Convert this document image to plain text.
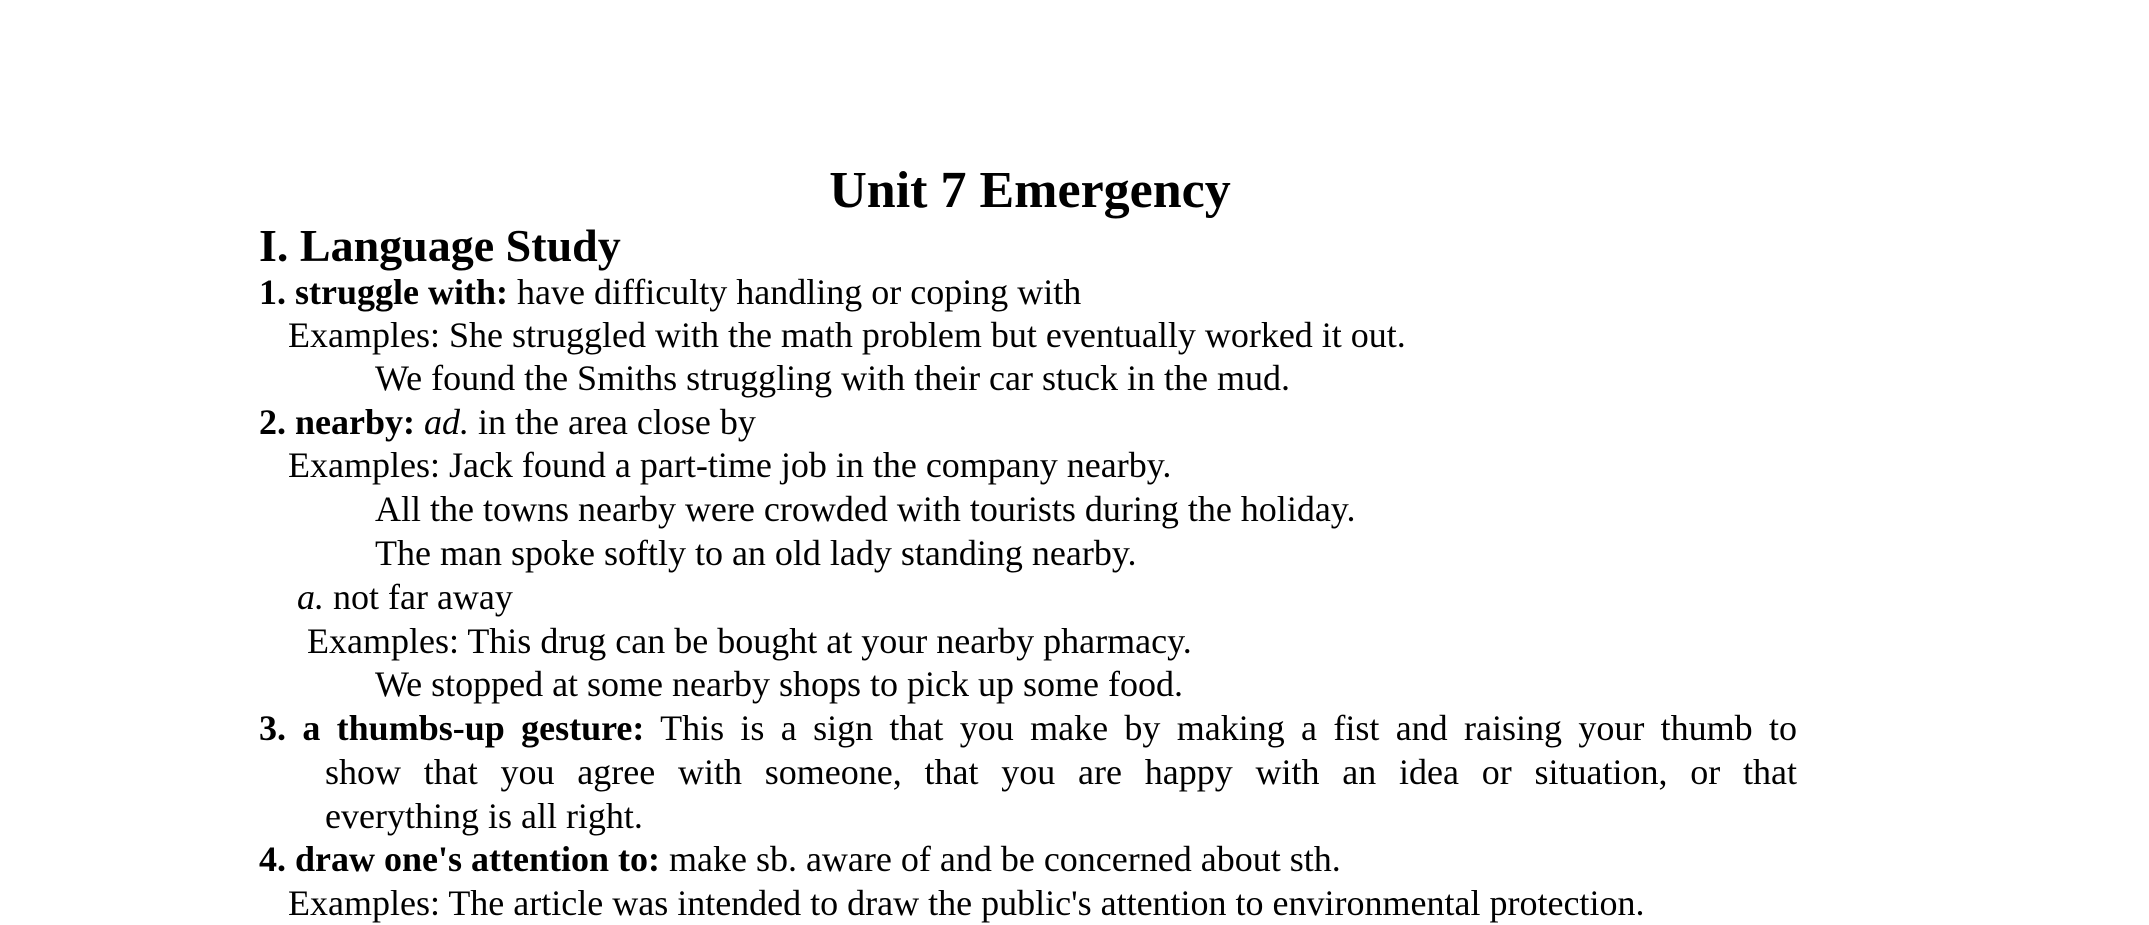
Unit 7 Emergency
I. Language Study
1. struggle with: have difficulty handling or coping with
Examples: She struggled with the math problem but eventually worked it out.
We found the Smiths struggling with their car stuck in the mud.
2. nearby: ad. in the area close by
Examples: Jack found a part-time job in the company nearby.
All the towns nearby were crowded with tourists during the holiday.
The man spoke softly to an old lady standing nearby.
a. not far away
Examples: This drug can be bought at your nearby pharmacy.
We stopped at some nearby shops to pick up some food.
3. a thumbs-up gesture: This is a sign that you make by making a fist and raising your thumb to
show that you agree with someone, that you are happy with an idea or situation, or that
everything is all right.
4. draw one's attention to: make sb. aware of and be concerned about sth.
Examples: The article was intended to draw the public's attention to environmental protection.
